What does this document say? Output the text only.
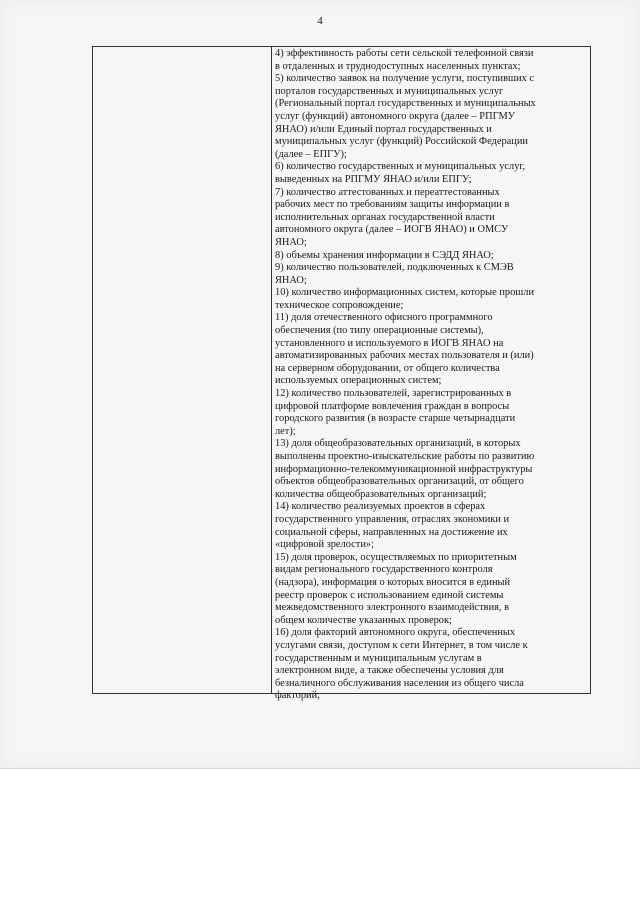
4

4) эффективность работы сети сельской телефонной связи
в отдаленных и труднодоступных населенных пунктах;

5) количество заявок на получение услуги, поступивших с
порталов государственных и муниципальных услуг
(Региональный портал государственных и муниципальных
услуг (функций) автономного округа (далее – РПГМУ
ЯНАО) и/или Единый портал государственных и
муниципальных услуг (функций) Российской Федерации
(далее – ЕПГУ);

6) количество государственных и муниципальных услуг,
выведенных на РПГМУ ЯНАО и/или ЕПГУ;

7) количество аттестованных и переаттестованных
рабочих мест по требованиям защиты информации в
исполнительных органах государственной власти
автономного округа (далее – ИОГВ ЯНАО) и ОМСУ
ЯНАО;

8) объемы хранения информации в СЭДД ЯНАО;

9) количество пользователей, подключенных к СМЭВ
ЯНАО;

10) количество информационных систем, которые прошли
техническое сопровождение;

11) доля отечественного офисного программного
обеспечения (по типу операционные системы),
установленного и используемого в ИОГВ ЯНАО на
автоматизированных рабочих местах пользователя и (или)
на серверном оборудовании, от общего количества
используемых операционных систем;

12) количество пользователей, зарегистрированных в
цифровой платформе вовлечения граждан в вопросы
городского развития (в возрасте старше четырнадцати
лет);

13) доля общеобразовательных организаций, в которых
выполнены проектно-изыскательские работы по развитию
информационно-телекоммуникационной инфраструктуры
объектов общеобразовательных организаций, от общего
количества общеобразовательных организаций;

14) количество реализуемых проектов в сферах
государственного управления, отраслях экономики и
социальной сферы, направленных на достижение их
«цифровой зрелости»;

15) доля проверок, осуществляемых по приоритетным
видам регионального государственного контроля
(надзора), информация о которых вносится в единый
реестр проверок с использованием единой системы
межведомственного электронного взаимодействия, в
общем количестве указанных проверок;

16) доля факторий автономного округа, обеспеченных
услугами связи, доступом к сети Интернет, в том числе к
государственным и муниципальным услугам в
электронном виде, а также обеспечены условия для
безналичного обслуживания населения из общего числа
факторий;
